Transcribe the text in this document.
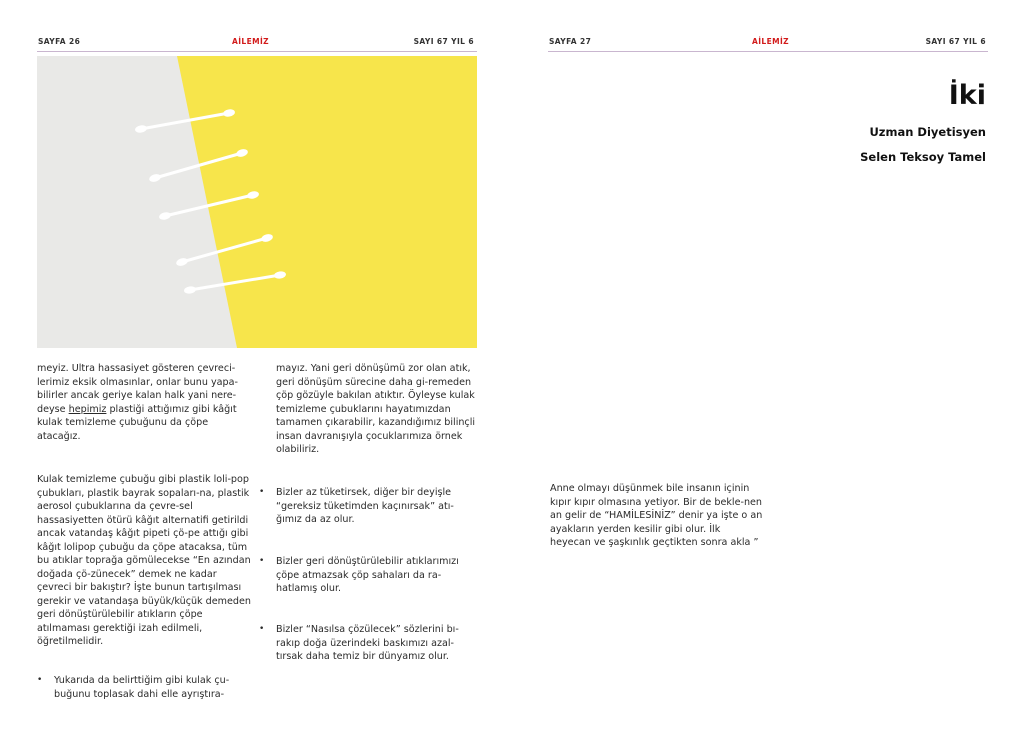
SAYFA 26	AİLEMİZ	SAYI 67 YIL 6

meyiz. Ultra hassasiyet gösteren çevreci-lerimiz eksik olmasınlar, onlar bunu yapa-bilirler ancak geriye kalan halk yani nere-deyse hepimiz plastiği attığımız gibi kâğıt kulak temizleme çubuğunu da çöpe atacağız.

Kulak temizleme çubuğu gibi plastik loli-pop çubukları, plastik bayrak sopaları-na, plastik aerosol çubuklarına da çevre-sel hassasiyetten ötürü kâğıt alternatifi getirildi ancak vatandaş kâğıt pipeti çö-pe attığı gibi kâğıt lolipop çubuğu da çöpe atacaksa, tüm bu atıklar toprağa gömülecekse “En azından doğada çö-zünecek” demek ne kadar çevreci bir bakıştır? İşte bunun tartışılması gerekir ve vatandaşa büyük/küçük demeden geri dönüştürülebilir atıkların çöpe atılmaması gerektiği izah edilmeli, öğretilmelidir.

• Yukarıda da belirttiğim gibi kulak çu-buğunu toplasak dahi elle ayrıştıra-

mayız. Yani geri dönüşümü zor olan atık, geri dönüşüm sürecine daha gi-remeden çöp gözüyle bakılan atıktır. Öyleyse kulak temizleme çubuklarını hayatımızdan tamamen çıkarabilir, kazandığımız bilinçli insan davranışıyla çocuklarımıza örnek olabiliriz.

• Bizler az tüketirsek, diğer bir deyişle “gereksiz tüketimden kaçınırsak” atı-ğımız da az olur.
• Bizler geri dönüştürülebilir atıklarımızı çöpe atmazsak çöp sahaları da ra-hatlamış olur.
• Bizler “Nasılsa çözülecek” sözlerini bı-rakıp doğa üzerindeki baskımızı azal-tırsak daha temiz bir dünyamız olur.
SAYFA 27	AİLEMİZ	SAYI 67 YIL 6
İki
Uzman Diyetisyen
Selen Teksoy Tamel

Anne olmayı düşünmek bile insanın içinin kıpır kıpır olmasına yetiyor. Bir de bekle-nen an gelir de “HAMİLESİNİZ” denir ya işte o an ayakların yerden kesilir gibi olur. İlk heyecan ve şaşkınlık geçtikten sonra akla ”
